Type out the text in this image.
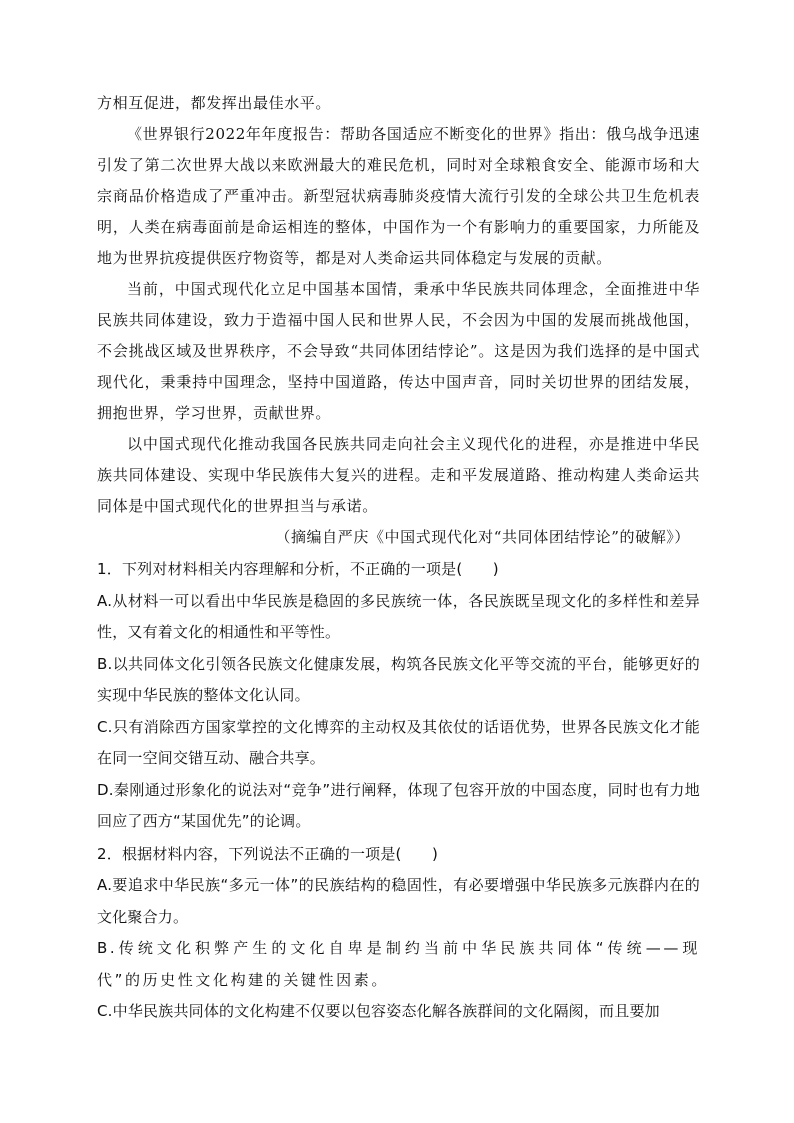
方相互促进，都发挥出最佳水平。

《世界银行2022年年度报告：帮助各国适应不断变化的世界》指出：俄乌战争迅速引发了第二次世界大战以来欧洲最大的难民危机，同时对全球粮食安全、能源市场和大宗商品价格造成了严重冲击。新型冠状病毒肺炎疫情大流行引发的全球公共卫生危机表明，人类在病毒面前是命运相连的整体，中国作为一个有影响力的重要国家，力所能及地为世界抗疫提供医疗物资等，都是对人类命运共同体稳定与发展的贡献。

当前，中国式现代化立足中国基本国情，秉承中华民族共同体理念，全面推进中华民族共同体建设，致力于造福中国人民和世界人民，不会因为中国的发展而挑战他国，不会挑战区域及世界秩序，不会导致“共同体团结悖论”。这是因为我们选择的是中国式现代化，秉秉持中国理念，坚持中国道路，传达中国声音，同时关切世界的团结发展，拥抱世界，学习世界，贡献世界。

以中国式现代化推动我国各民族共同走向社会主义现代化的进程，亦是推进中华民族共同体建设、实现中华民族伟大复兴的进程。走和平发展道路、推动构建人类命运共同体是中国式现代化的世界担当与承诺。

（摘编自严庆《中国式现代化对“共同体团结悖论”的破解》）

1．下列对材料相关内容理解和分析，不正确的一项是(　　)

A.从材料一可以看出中华民族是稳固的多民族统一体，各民族既呈现文化的多样性和差异性，又有着文化的相通性和平等性。

B.以共同体文化引领各民族文化健康发展，构筑各民族文化平等交流的平台，能够更好的实现中华民族的整体文化认同。

C.只有消除西方国家掌控的文化博弈的主动权及其依仗的话语优势，世界各民族文化才能在同一空间交错互动、融合共享。

D.秦刚通过形象化的说法对“竞争”进行阐释，体现了包容开放的中国态度，同时也有力地回应了西方“某国优先”的论调。

2．根据材料内容，下列说法不正确的一项是(　　)

A.要追求中华民族“多元一体”的民族结构的稳固性，有必要增强中华民族多元族群内在的文化聚合力。

B.传统文化积弊产生的文化自卑是制约当前中华民族共同体“传统——现代”的历史性文化构建的关键性因素。

C.中华民族共同体的文化构建不仅要以包容姿态化解各族群间的文化隔阂，而且要加
